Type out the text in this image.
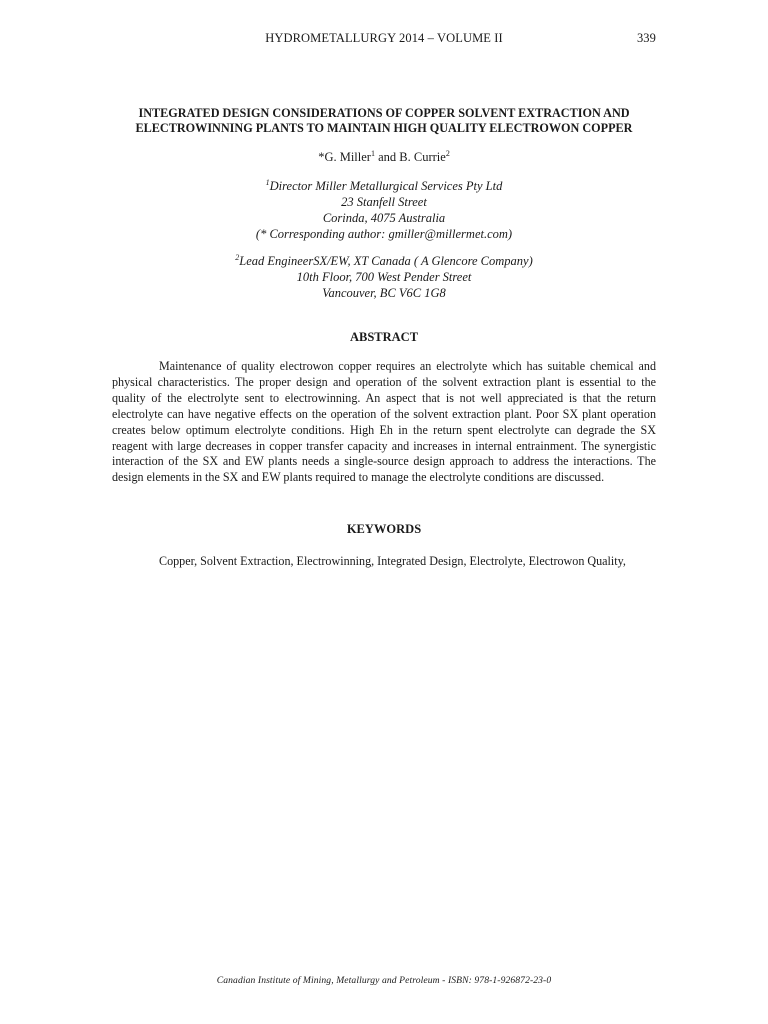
HYDROMETALLURGY 2014 – VOLUME II	339
INTEGRATED DESIGN CONSIDERATIONS OF COPPER SOLVENT EXTRACTION AND
ELECTROWINNING PLANTS TO MAINTAIN HIGH QUALITY ELECTROWON COPPER
*G. Miller$^1$ and B. Currie$^2$
$^1$Director Miller Metallurgical Services Pty Ltd
23 Stanfell Street
Corinda, 4075 Australia
(* Corresponding author: gmiller@millermet.com)
$^2$Lead EngineerSX/EW, XT Canada ( A Glencore Company)
10th Floor, 700 West Pender Street
Vancouver, BC V6C 1G8
ABSTRACT

Maintenance of quality electrowon copper requires an electrolyte which has suitable chemical and physical characteristics. The proper design and operation of the solvent extraction plant is essential to the quality of the electrolyte sent to electrowinning. An aspect that is not well appreciated is that the return electrolyte can have negative effects on the operation of the solvent extraction plant. Poor SX plant operation creates below optimum electrolyte conditions. High Eh in the return spent electrolyte can degrade the SX reagent with large decreases in copper transfer capacity and increases in internal entrainment. The synergistic interaction of the SX and EW plants needs a single-source design approach to address the interactions. The design elements in the SX and EW plants required to manage the electrolyte conditions are discussed.

KEYWORDS
Copper, Solvent Extraction, Electrowinning, Integrated Design, Electrolyte, Electrowon Quality,
Canadian Institute of Mining, Metallurgy and Petroleum - ISBN: 978-1-926872-23-0
